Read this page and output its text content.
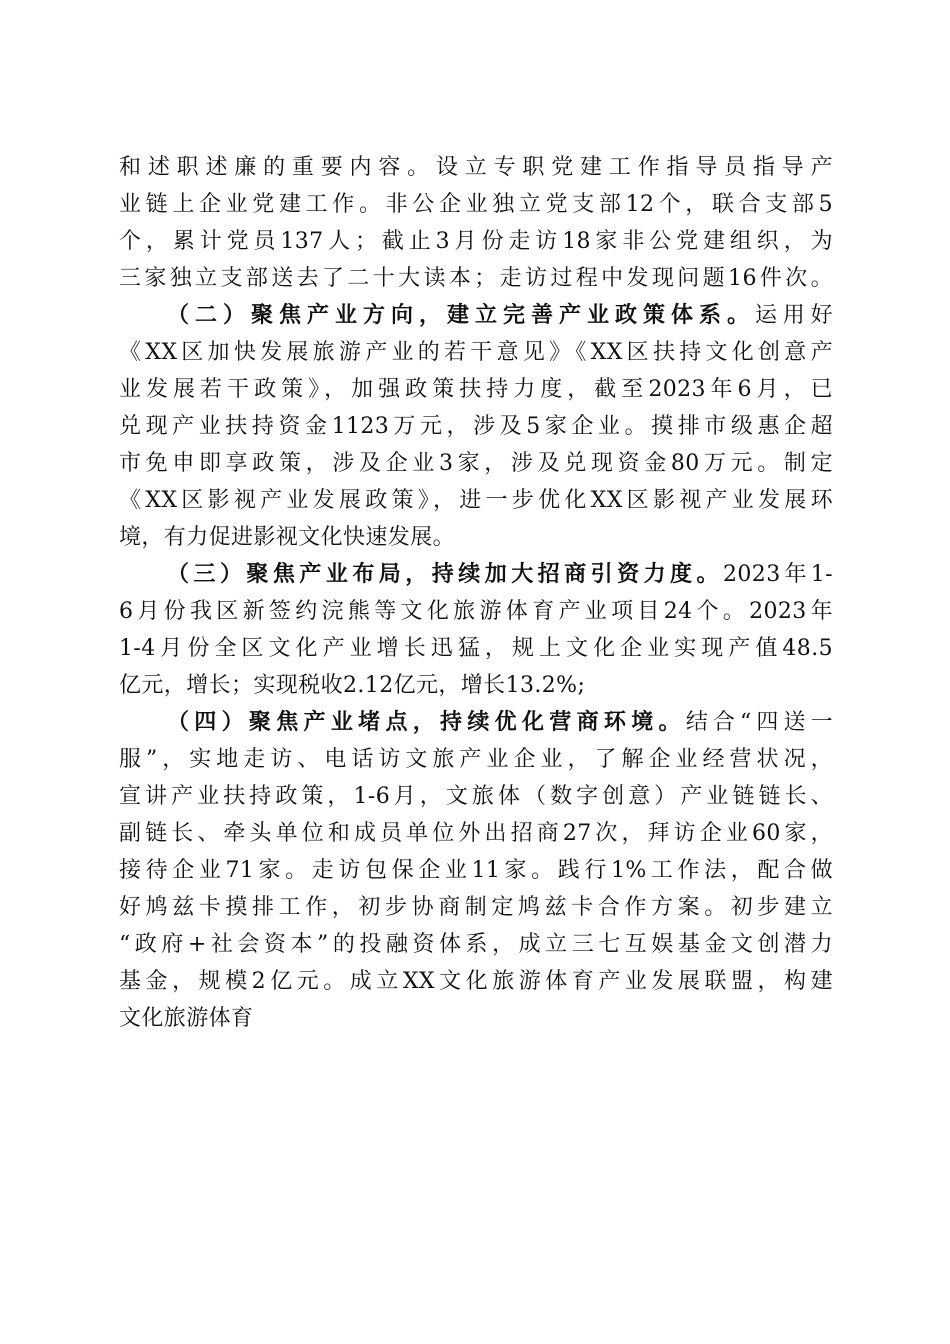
和述职述廉的重要内容。设立专职党建工作指导员指导产
业链上企业党建工作。非公企业独立党支部12个，联合支部5
个，累计党员137人；截止3月份走访18家非公党建组织，为
三家独立支部送去了二十大读本；走访过程中发现问题16件次。
（二）聚焦产业方向，建立完善产业政策体系。运用好
《XX区加快发展旅游产业的若干意见》《XX区扶持文化创意产
业发展若干政策》，加强政策扶持力度，截至2023年6月，已
兑现产业扶持资金1123万元，涉及5家企业。摸排市级惠企超
市免申即享政策，涉及企业3家，涉及兑现资金80万元。制定
《XX区影视产业发展政策》，进一步优化XX区影视产业发展环
境，有力促进影视文化快速发展。
（三）聚焦产业布局，持续加大招商引资力度。2023年1-
6月份我区新签约浣熊等文化旅游体育产业项目24个。2023年
1-4月份全区文化产业增长迅猛，规上文化企业实现产值48.5
亿元，增长；实现税收2.12亿元，增长13.2%;
（四）聚焦产业堵点，持续优化营商环境。结合“四送一
服”，实地走访、电话访文旅产业企业，了解企业经营状况，
宣讲产业扶持政策，1-6月，文旅体（数字创意）产业链链长、
副链长、牵头单位和成员单位外出招商27次，拜访企业60家，
接待企业71家。走访包保企业11家。践行1%工作法，配合做
好鸠兹卡摸排工作，初步协商制定鸠兹卡合作方案。初步建立
“政府+社会资本”的投融资体系，成立三七互娱基金文创潜力
基金，规模2亿元。成立XX文化旅游体育产业发展联盟，构建
文化旅游体育
